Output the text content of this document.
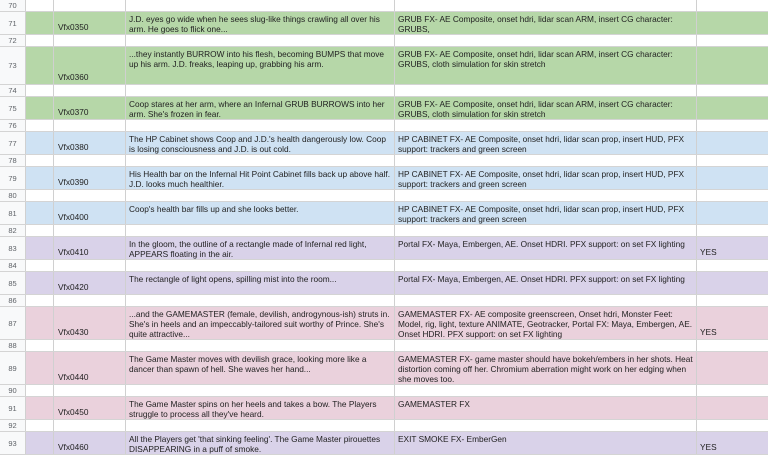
70
71	Vfx0350
J.D. eyes go wide when he sees slug-like things crawling all over his arm. He goes to flick one...
GRUB FX- AE Composite, onset hdri, lidar scan ARM, insert CG character: GRUBS,
72
73
Vfx0360
...they instantly BURROW into his flesh, becoming BUMPS that move up his arm. J.D. freaks, leaping up, grabbing his arm.
GRUB FX- AE Composite, onset hdri, lidar scan ARM, insert CG character: GRUBS, cloth simulation for skin stretch
74
75	Vfx0370
Coop stares at her arm, where an Infernal GRUB BURROWS into her arm. She's frozen in fear.
GRUB FX- AE Composite, onset hdri, lidar scan ARM, insert CG character: GRUBS, cloth simulation for skin stretch
76
77	Vfx0380
The HP Cabinet shows Coop and J.D.'s health dangerously low. Coop is losing consciousness and J.D. is out cold.
HP CABINET FX- AE Composite, onset hdri, lidar scan prop, insert HUD, PFX support: trackers and green screen
78
79	Vfx0390
His Health bar on the Infernal Hit Point Cabinet fills back up above half. J.D. looks much healthier.
HP CABINET FX- AE Composite, onset hdri, lidar scan prop, insert HUD, PFX support: trackers and green screen
80
81	Vfx0400
Coop's health bar fills up and she looks better.	HP CABINET FX- AE Composite, onset hdri, lidar scan prop, insert HUD, PFX support: trackers and green screen
82
83	Vfx0410
In the gloom, the outline of a rectangle made of Infernal red light, APPEARS floating in the air.
Portal FX- Maya, Embergen, AE. Onset HDRI. PFX support: on set FX lighting
YES
84
85	Vfx0420
The rectangle of light opens, spilling mist into the room...	Portal FX- Maya, Embergen, AE. Onset HDRI. PFX support: on set FX lighting
86
87
Vfx0430
...and the GAMEMASTER (female, devilish, androgynous-ish) struts in. She's in heels and an impeccably-tailored suit worthy of Prince. She's quite attractive...
GAMEMASTER FX- AE composite greenscreen, Onset hdri, Monster Feet: Model, rig, light, texture ANIMATE, Geotracker, Portal FX: Maya, Embergen, AE. Onset HDRI. PFX support: on set FX lighting	YES
88
89
Vfx0440
The Game Master moves with devilish grace, looking more like a dancer than spawn of hell. She waves her hand...
GAMEMASTER FX- game master should have bokeh/embers in her shots. Heat distortion coming off her. Chromium aberration might work on her edging when she moves too.
90
91	Vfx0450
The Game Master spins on her heels and takes a bow. The Players struggle to process all they've heard.
GAMEMASTER FX
92
93	Vfx0460
All the Players get 'that sinking feeling'. The Game Master pirouettes DISAPPEARING in a puff of smoke.
EXIT SMOKE FX- EmberGen
YES
